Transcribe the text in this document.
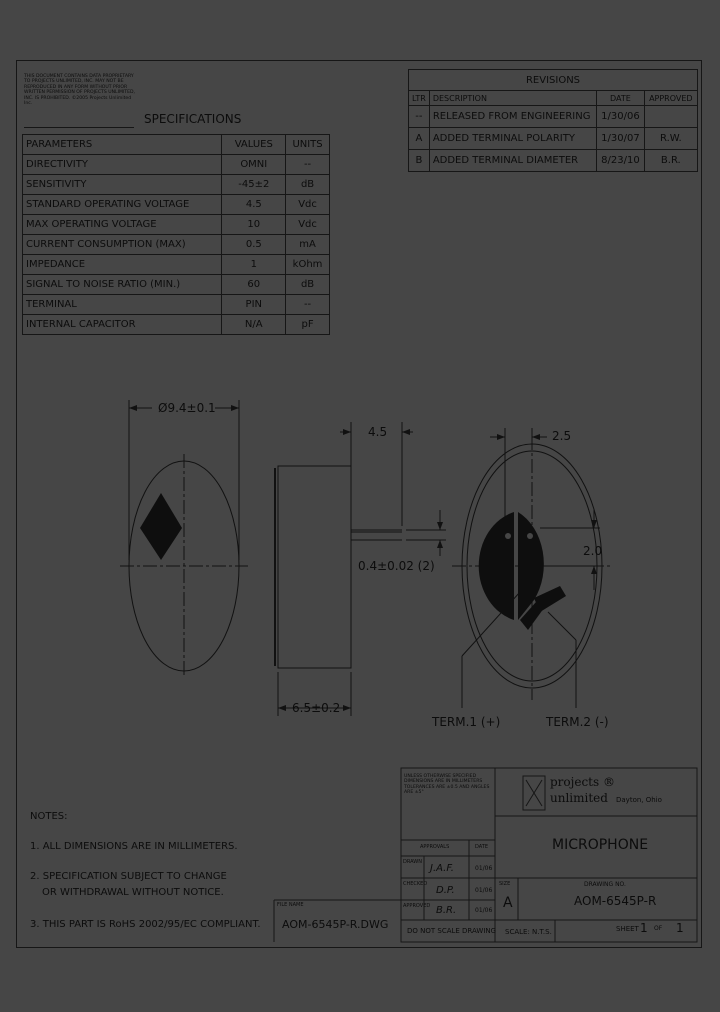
THIS DOCUMENT CONTAINS DATA PROPRIETARY TO PROJECTS UNLIMITED, INC. MAY NOT BE REPRODUCED IN ANY FORM WITHOUT PRIOR WRITTEN PERMISSION OF PROJECTS UNLIMITED, INC. IS PROHIBITED. ©2005 Projects Unlimited Inc.
SPECIFICATIONS
PARAMETERS	VALUES	UNITS
DIRECTIVITY	OMNI	--
SENSITIVITY	-45±2	dB
STANDARD OPERATING VOLTAGE	4.5	Vdc
MAX OPERATING VOLTAGE	10	Vdc
CURRENT CONSUMPTION (MAX)	0.5	mA
IMPEDANCE	1	kOhm
SIGNAL TO NOISE RATIO (MIN.)	60	dB
TERMINAL	PIN	--
INTERNAL CAPACITOR	N/A	pF
REVISIONS			
LTR	DESCRIPTION	DATE	APPROVED
--	RELEASED FROM ENGINEERING	1/30/06	
A	ADDED TERMINAL POLARITY	1/30/07	R.W.
B	ADDED TERMINAL DIAMETER	8/23/10	B.R.
Ø9.4±0.1
4.5
0.4±0.02 (2)
6.5±0.2
2.5
2.0
TERM.1 (+)	TERM.2 (-)
NOTES:
1. ALL DIMENSIONS ARE IN MILLIMETERS.
2. SPECIFICATION SUBJECT TO CHANGE
OR WITHDRAWAL WITHOUT NOTICE.
3. THIS PART IS RoHS 2002/95/EC COMPLIANT.
FILE NAME
AOM-6545P-R.DWG
UNLESS OTHERWISE SPECIFIED DIMENSIONS ARE IN MILLIMETERS TOLERANCES ARE ±0.5 AND ANGLES ARE ±5°
APPROVALS	DATE
DRAWN
J.A.F.	01/06
CHECKED
D.P.	01/06
APPROVED B.R.	01/06
DO NOT SCALE DRAWING
projects ®
unlimited Dayton, Ohio
MICROPHONE
SIZE
A
DRAWING NO.
AOM-6545P-R
SCALE: N.T.S.	SHEET 1 OF 1
